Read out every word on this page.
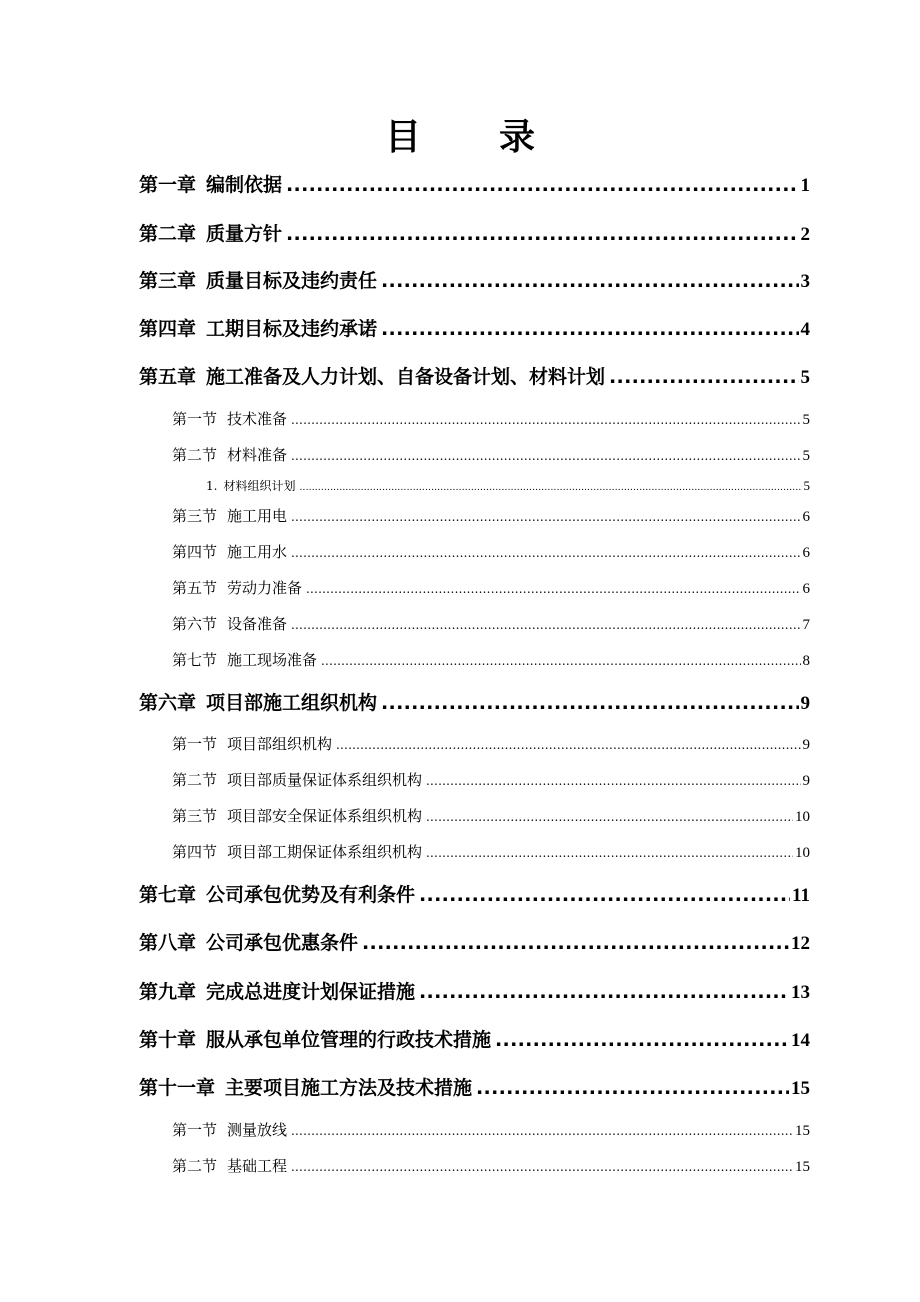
目 录
第一章 编制依据 .....	1
第二章 质量方针 .....	2
第三章 质量目标及违约责任 .....	3
第四章 工期目标及违约承诺 .....	4
第五章 施工准备及人力计划、自备设备计划、材料计划 .....	5
第一节 技术准备 .....	5
第二节 材料准备 .....	5
1. 材料组织计划 .....	5
第三节 施工用电 .....	6
第四节 施工用水 .....	6
第五节 劳动力准备 .....	6
第六节 设备准备 .....	7
第七节 施工现场准备 .....	8
第六章 项目部施工组织机构 .....	9
第一节 项目部组织机构 .....	9
第二节 项目部质量保证体系组织机构 .....	9
第三节 项目部安全保证体系组织机构 .....	10
第四节 项目部工期保证体系组织机构 .....	10
第七章 公司承包优势及有利条件 .....	11
第八章 公司承包优惠条件 .....	12
第九章 完成总进度计划保证措施 .....	13
第十章 服从承包单位管理的行政技术措施 .....	14
第十一章 主要项目施工方法及技术措施 .....	15
第一节 测量放线 .....	15
第二节 基础工程 .....	15
